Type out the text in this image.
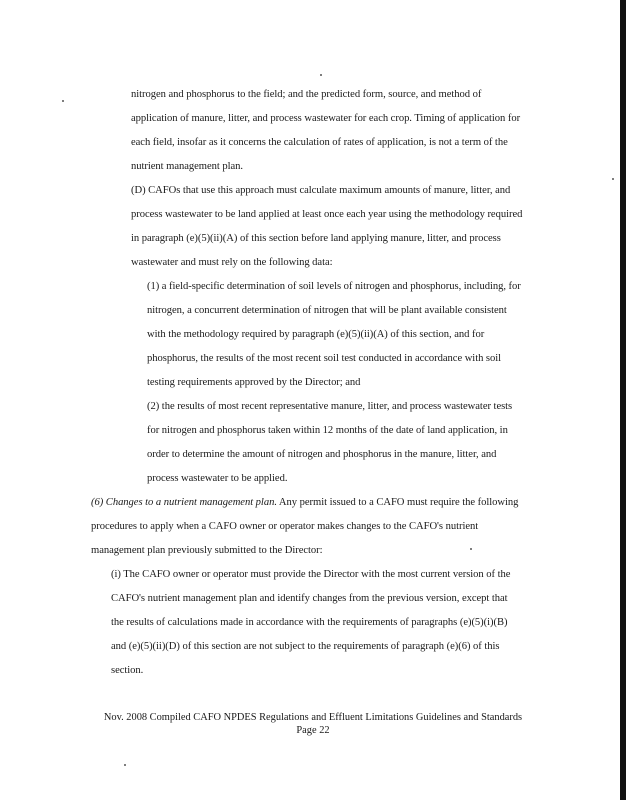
nitrogen and phosphorus to the field; and the predicted form, source, and method of
application of manure, litter, and process wastewater for each crop. Timing of application for
each field, insofar as it concerns the calculation of rates of application, is not a term of the
nutrient management plan.
(D) CAFOs that use this approach must calculate maximum amounts of manure, litter, and
process wastewater to be land applied at least once each year using the methodology required
in paragraph (e)(5)(ii)(A) of this section before land applying manure, litter, and process
wastewater and must rely on the following data:
(1) a field-specific determination of soil levels of nitrogen and phosphorus, including, for
nitrogen, a concurrent determination of nitrogen that will be plant available consistent
with the methodology required by paragraph (e)(5)(ii)(A) of this section, and for
phosphorus, the results of the most recent soil test conducted in accordance with soil
testing requirements approved by the Director; and
(2) the results of most recent representative manure, litter, and process wastewater tests
for nitrogen and phosphorus taken within 12 months of the date of land application, in
order to determine the amount of nitrogen and phosphorus in the manure, litter, and
process wastewater to be applied.
(6) Changes to a nutrient management plan. Any permit issued to a CAFO must require the following
procedures to apply when a CAFO owner or operator makes changes to the CAFO's nutrient
management plan previously submitted to the Director:
(i) The CAFO owner or operator must provide the Director with the most current version of the
CAFO's nutrient management plan and identify changes from the previous version, except that
the results of calculations made in accordance with the requirements of paragraphs (e)(5)(i)(B)
and (e)(5)(ii)(D) of this section are not subject to the requirements of paragraph (e)(6) of this
section.
Nov. 2008 Compiled CAFO NPDES Regulations and Effluent Limitations Guidelines and Standards
Page 22
